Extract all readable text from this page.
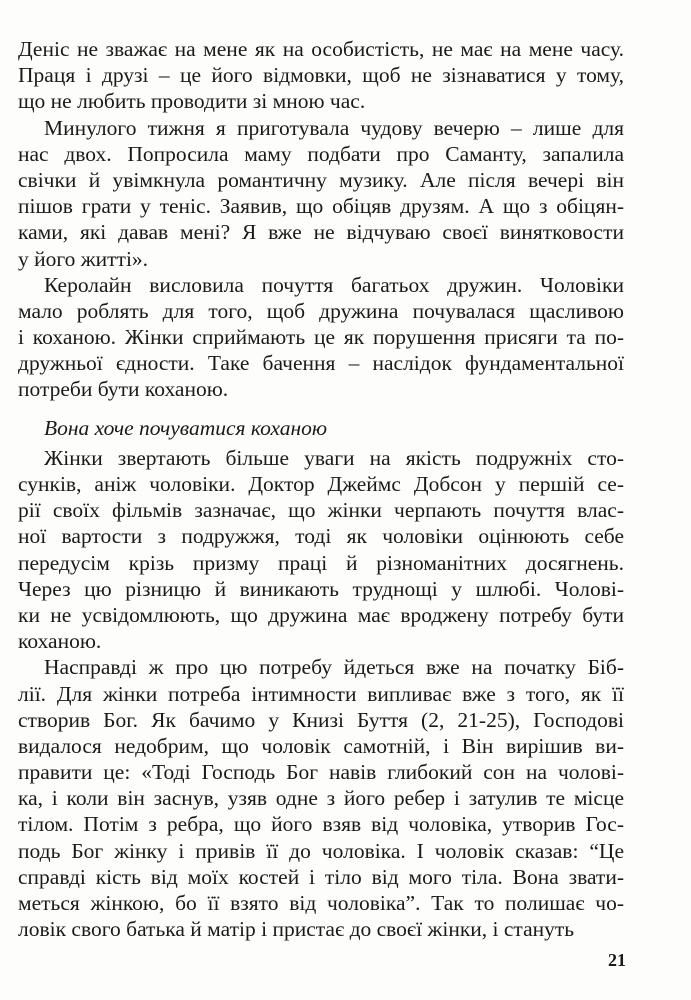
Деніс не зважає на мене як на особистість, не має на мене часу.
Праця і друзі – це його відмовки, щоб не зізнаватися у тому,
що не любить проводити зі мною час.
Минулого тижня я приготувала чудову вечерю – лише для
нас двох. Попросила маму подбати про Саманту, запалила
свічки й увімкнула романтичну музику. Але після вечері він
пішов грати у теніс. Заявив, що обіцяв друзям. А що з обіцян-
ками, які давав мені? Я вже не відчуваю своєї винятковости
у його житті».
Керолайн висловила почуття багатьох дружин. Чоловіки
мало роблять для того, щоб дружина почувалася щасливою
і коханою. Жінки сприймають це як порушення присяги та по-
дружньої єдности. Таке бачення – наслідок фундаментальної
потреби бути коханою.
Вона хоче почуватися коханою
Жінки звертають більше уваги на якість подружніх сто-
сунків, аніж чоловіки. Доктор Джеймс Добсон у першій се-
рії своїх фільмів зазначає, що жінки черпають почуття влас-
ної вартости з подружжя, тоді як чоловіки оцінюють себе
передусім крізь призму праці й різноманітних досягнень.
Через цю різницю й виникають труднощі у шлюбі. Чолові-
ки не усвідомлюють, що дружина має вроджену потребу бути
коханою.
Насправді ж про цю потребу йдеться вже на початку Біб-
лії. Для жінки потреба інтимности випливає вже з того, як її
створив Бог. Як бачимо у Книзі Буття (2, 21-25), Господові
видалося недобрим, що чоловік самотній, і Він вирішив ви-
правити це: «Тоді Господь Бог навів глибокий сон на чолові-
ка, і коли він заснув, узяв одне з його ребер і затулив те місце
тілом. Потім з ребра, що його взяв від чоловіка, утворив Гос-
подь Бог жінку і привів її до чоловіка. І чоловік сказав: “Це
справді кість від моїх костей і тіло від мого тіла. Вона звати-
меться жінкою, бо її взято від чоловіка”. Так то полишає чо-
ловік свого батька й матір і пристає до своєї жінки, і стануть
21
